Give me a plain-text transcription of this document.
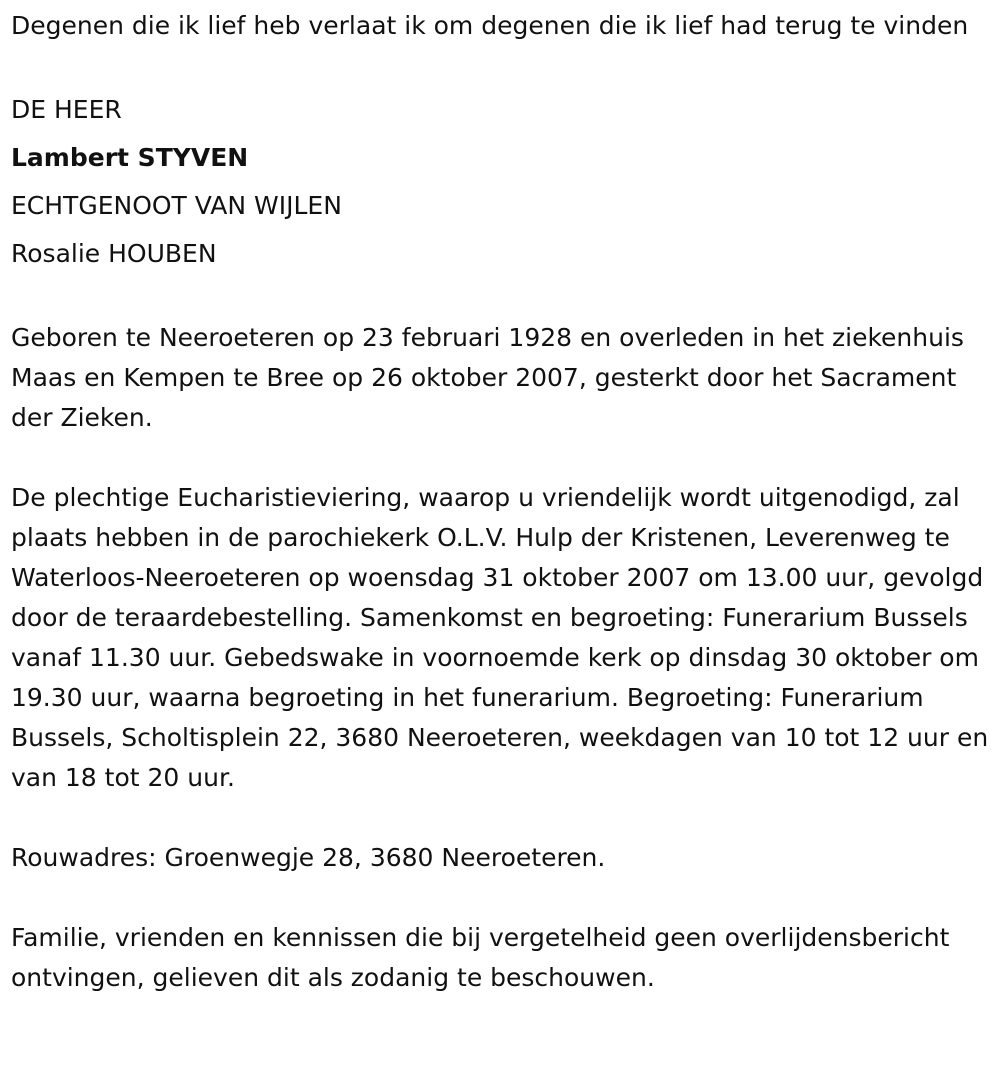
Degenen die ik lief heb verlaat ik om degenen die ik lief had terug te vinden

DE HEER

Lambert STYVEN

ECHTGENOOT VAN WIJLEN

Rosalie HOUBEN

Geboren te Neeroeteren op 23 februari 1928 en overleden in het ziekenhuis Maas en Kempen te Bree op 26 oktober 2007, gesterkt door het Sacrament der Zieken.

De plechtige Eucharistieviering, waarop u vriendelijk wordt uitgenodigd, zal plaats hebben in de parochiekerk O.L.V. Hulp der Kristenen, Leverenweg te Waterloos-Neeroeteren op woensdag 31 oktober 2007 om 13.00 uur, gevolgd door de teraardebestelling. Samenkomst en begroeting: Funerarium Bussels vanaf 11.30 uur. Gebedswake in voornoemde kerk op dinsdag 30 oktober om 19.30 uur, waarna begroeting in het funerarium. Begroeting: Funerarium Bussels, Scholtisplein 22, 3680 Neeroeteren, weekdagen van 10 tot 12 uur en van 18 tot 20 uur.

Rouwadres: Groenwegje 28, 3680 Neeroeteren.

Familie, vrienden en kennissen die bij vergetelheid geen overlijdensbericht ontvingen, gelieven dit als zodanig te beschouwen.
